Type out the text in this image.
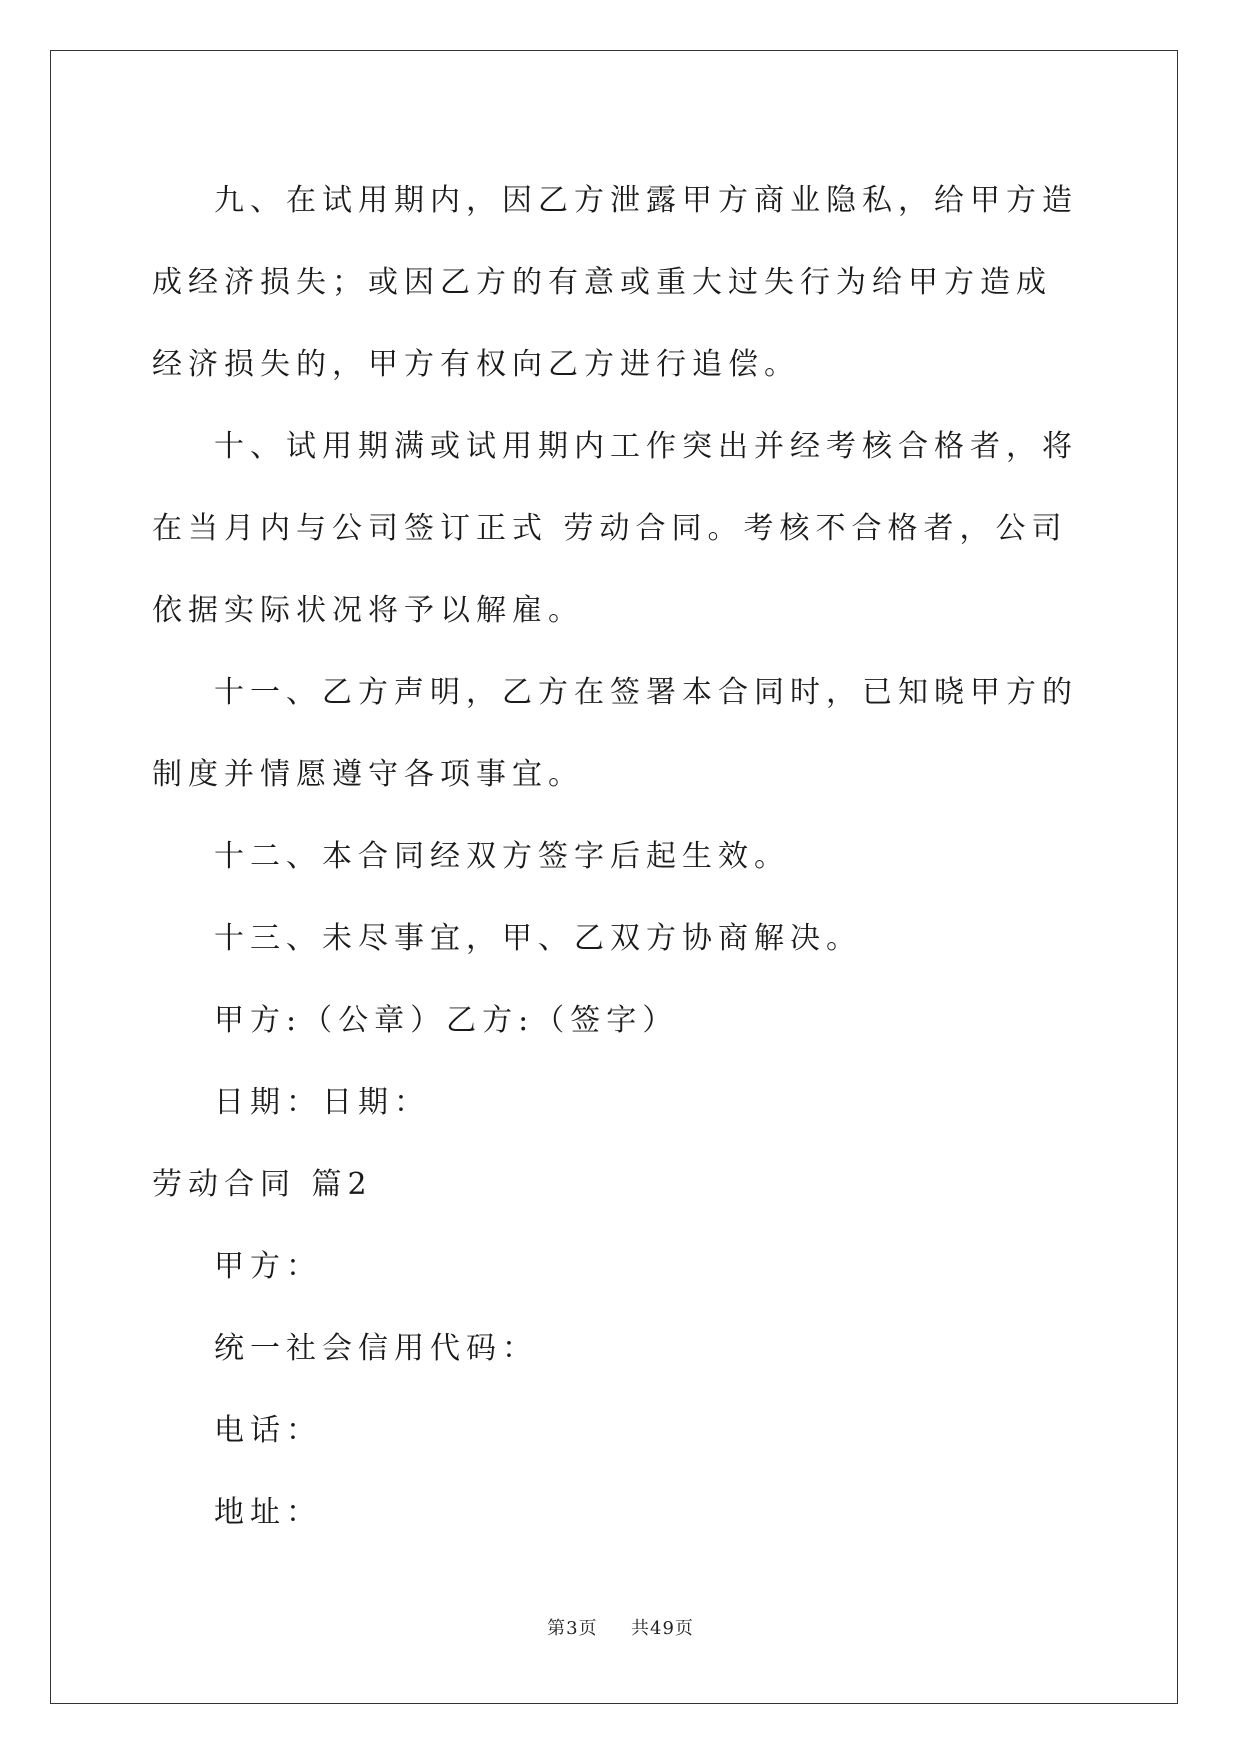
九、在试用期内，因乙方泄露甲方商业隐私，给甲方造成经济损失；或因乙方的有意或重大过失行为给甲方造成经济损失的，甲方有权向乙方进行追偿。

十、试用期满或试用期内工作突出并经考核合格者，将在当月内与公司签订正式 劳动合同。考核不合格者，公司依据实际状况将予以解雇。

十一、乙方声明，乙方在签署本合同时，已知晓甲方的制度并情愿遵守各项事宜。

十二、本合同经双方签字后起生效。

十三、未尽事宜，甲、乙双方协商解决。

甲方:（公章）乙方:（签字）

日期：日期：

劳动合同 篇2

甲方：

统一社会信用代码：

电话：

地址：

第3页 共49页
